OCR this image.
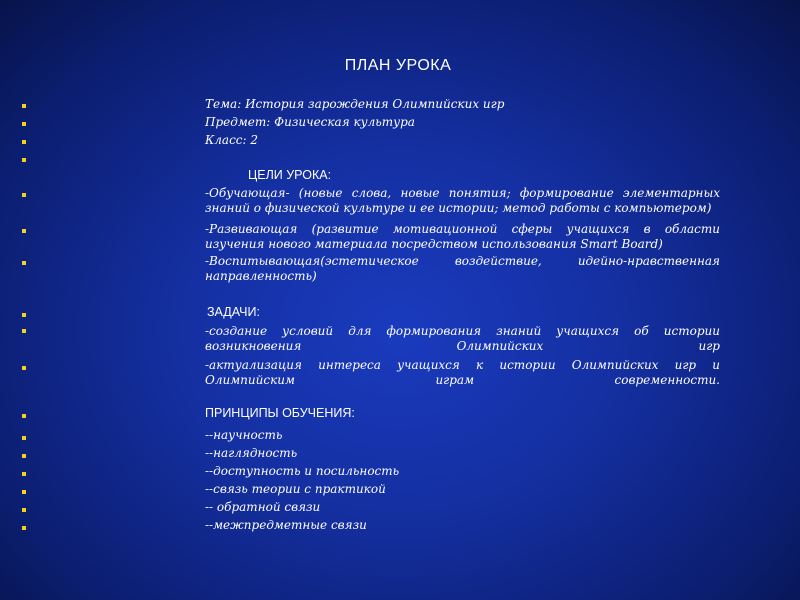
ПЛАН УРОКА
Тема: История зарождения Олимпийских игр
Предмет: Физическая культура
Класс: 2
ЦЕЛИ УРОКА:
-Обучающая- (новые слова, новые понятия; формирование элементарных знаний о физической культуре и ее истории; метод работы с компьютером)
-Развивающая (развитие мотивационной сферы учащихся в области изучения нового материала посредством использования Smart Board)
-Воспитывающая(эстетическое воздействие, идейно-нравственная направленность)
ЗАДАЧИ:
-создание условий для формирования знаний учащихся об истории возникновения Олимпийских игр
-актуализация интереса учащихся к истории Олимпийских игр и Олимпийским играм современности.
ПРИНЦИПЫ ОБУЧЕНИЯ:
--научность
--наглядность
--доступность и посильность
--связь теории с практикой
-- обратной связи
--межпредметные связи
